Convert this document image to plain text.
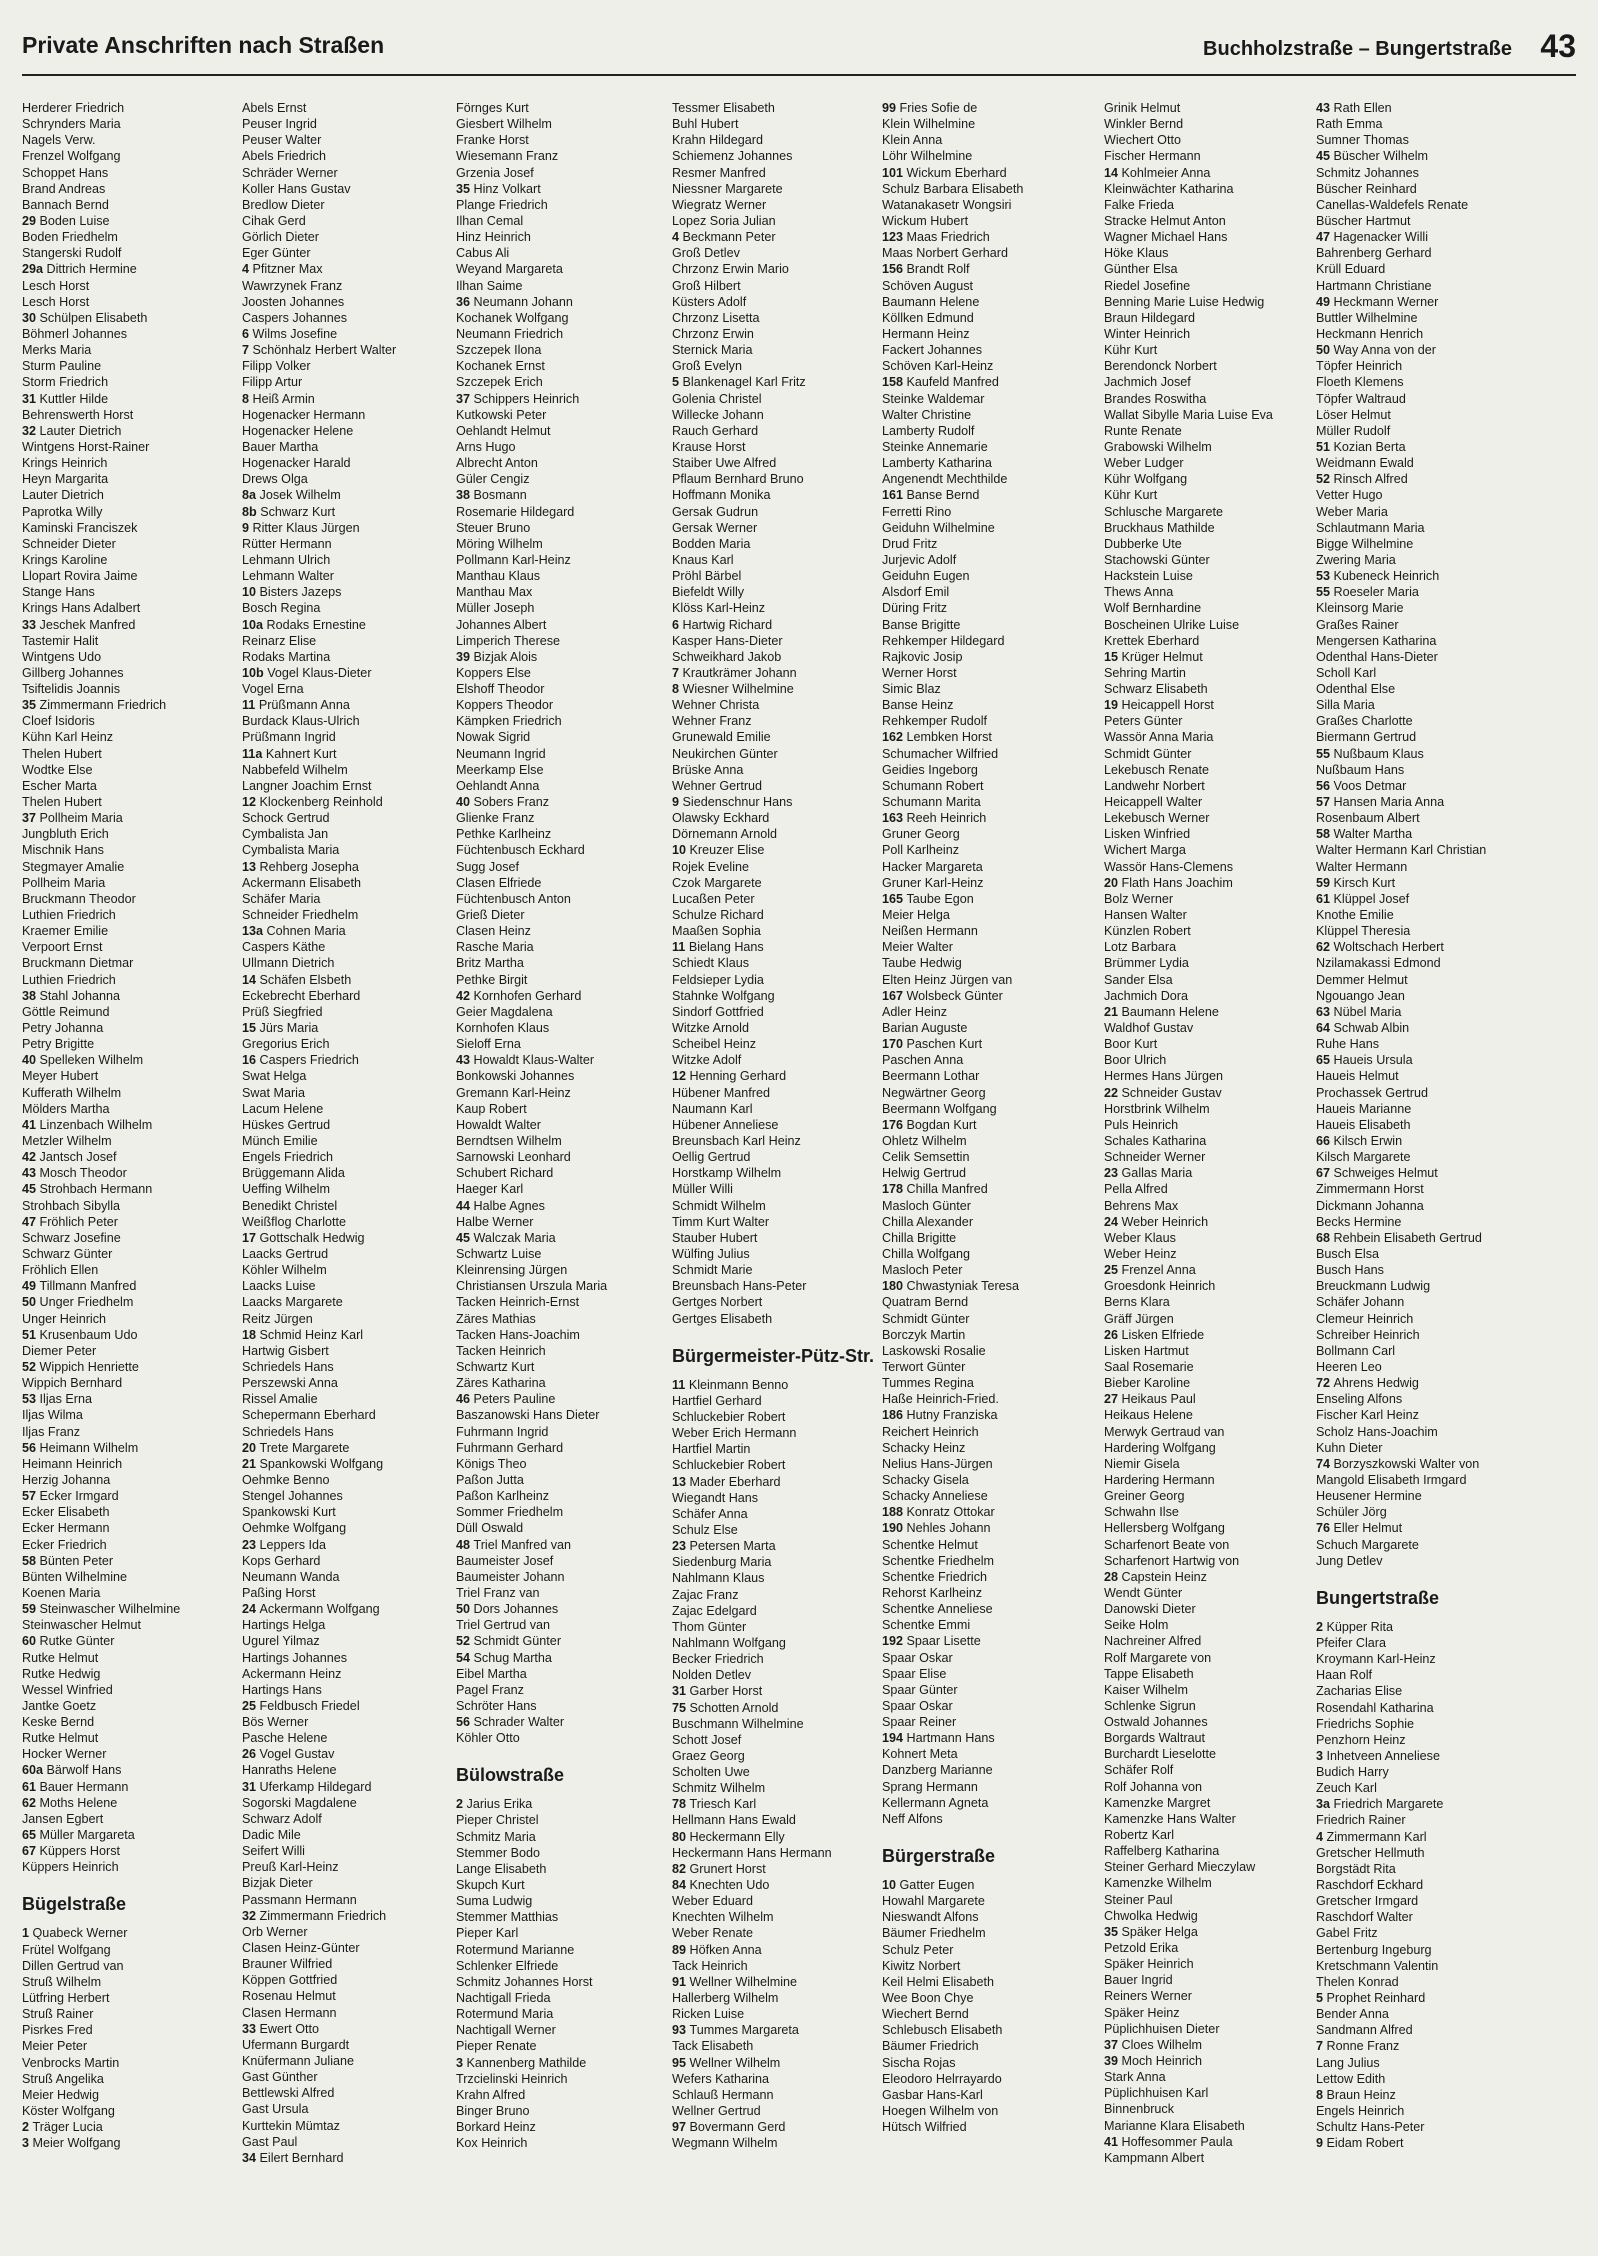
Private Anschriften nach Straßen	Buchholzstraße – Bungertstraße 43
Herderer Friedrich
Schrynders Maria
Nagels Verw.
Frenzel Wolfgang
Schoppet Hans
Brand Andreas
Bannach Bernd
29 Boden Luise
Boden Friedhelm
Stangerski Rudolf
29a Dittrich Hermine
Lesch Horst
Lesch Horst
30 Schülpen Elisabeth
Böhmerl Johannes
Merks Maria
Sturm Pauline
Storm Friedrich
31 Kuttler Hilde
Behrenswerth Horst
32 Lauter Dietrich
Wintgens Horst-Rainer
Krings Heinrich
Heyn Margarita
Lauter Dietrich
Paprotka Willy
Kaminski Franciszek
Schneider Dieter
Krings Karoline
Llopart Rovira Jaime
Stange Hans
Krings Hans Adalbert
33 Jeschek Manfred
Tastemir Halit
Wintgens Udo
Gillberg Johannes
Tsiftelidis Joannis
35 Zimmermann Friedrich
Cloef Isidoris
Kühn Karl Heinz
Thelen Hubert
Wodtke Else
Escher Marta
Thelen Hubert
37 Pollheim Maria
Jungbluth Erich
Mischnik Hans
Stegmayer Amalie
Pollheim Maria
Bruckmann Theodor
Luthien Friedrich
Kraemer Emilie
Verpoort Ernst
Bruckmann Dietmar
Luthien Friedrich
38 Stahl Johanna
Göttle Reimund
Petry Johanna
Petry Brigitte
40 Spelleken Wilhelm
Meyer Hubert
Kufferath Wilhelm
Mölders Martha
41 Linzenbach Wilhelm
Metzler Wilhelm
42 Jantsch Josef
43 Mosch Theodor
45 Strohbach Hermann
Strohbach Sibylla
47 Fröhlich Peter
Schwarz Josefine
Schwarz Günter
Fröhlich Ellen
49 Tillmann Manfred
50 Unger Friedhelm
Unger Heinrich
51 Krusenbaum Udo
Diemer Peter
52 Wippich Henriette
Wippich Bernhard
53 Iljas Erna
Iljas Wilma
Iljas Franz
56 Heimann Wilhelm
Heimann Heinrich
Herzig Johanna
57 Ecker Irmgard
Ecker Elisabeth
Ecker Hermann
Ecker Friedrich
58 Bünten Peter
Bünten Wilhelmine
Koenen Maria
59 Steinwascher Wilhelmine
Steinwascher Helmut
60 Rutke Günter
Rutke Helmut
Rutke Hedwig
Wessel Winfried
Jantke Goetz
Keske Bernd
Rutke Helmut
Hocker Werner
60a Bärwolf Hans
61 Bauer Hermann
62 Moths Helene
Jansen Egbert
65 Müller Margareta
67 Küppers Horst
Küppers Heinrich
Bügelstraße
1 Quabeck Werner
Frütel Wolfgang
Dillen Gertrud van
Struß Wilhelm
Lütfring Herbert
Struß Rainer
Pisrkes Fred
Meier Peter
Venbrocks Martin
Struß Angelika
Meier Hedwig
Köster Wolfgang
2 Träger Lucia
3 Meier Wolfgang
Abels Ernst
Peuser Ingrid
Peuser Walter
Abels Friedrich
Schräder Werner
Koller Hans Gustav
Bredlow Dieter
Cihak Gerd
Görlich Dieter
Eger Günter
4 Pfitzner Max
Wawrzynek Franz
Joosten Johannes
Caspers Johannes
6 Wilms Josefine
7 Schönhalz Herbert Walter
Filipp Volker
Filipp Artur
8 Heiß Armin
Hogenacker Hermann
Hogenacker Helene
Bauer Martha
Hogenacker Harald
Drews Olga
8a Josek Wilhelm
8b Schwarz Kurt
9 Ritter Klaus Jürgen
Rütter Hermann
Lehmann Ulrich
Lehmann Walter
10 Bisters Jazeps
Bosch Regina
10a Rodaks Ernestine
Reinarz Elise
Rodaks Martina
10b Vogel Klaus-Dieter
Vogel Erna
11 Prüßmann Anna
Burdack Klaus-Ulrich
Prüßmann Ingrid
11a Kahnert Kurt
Nabbefeld Wilhelm
Langner Joachim Ernst
12 Klockenberg Reinhold
Schock Gertrud
Cymbalista Jan
Cymbalista Maria
13 Rehberg Josepha
Ackermann Elisabeth
Schäfer Maria
Schneider Friedhelm
13a Cohnen Maria
Caspers Käthe
Ullmann Dietrich
14 Schäfen Elsbeth
Eckebrecht Eberhard
Prüß Siegfried
15 Jürs Maria
Gregorius Erich
16 Caspers Friedrich
Swat Helga
Swat Maria
Lacum Helene
Hüskes Gertrud
Münch Emilie
Engels Friedrich
Brüggemann Alida
Ueffing Wilhelm
Benedikt Christel
Weißflog Charlotte
17 Gottschalk Hedwig
Laacks Gertrud
Köhler Wilhelm
Laacks Luise
Laacks Margarete
Reitz Jürgen
18 Schmid Heinz Karl
Hartwig Gisbert
Schriedels Hans
Perszewski Anna
Rissel Amalie
Schepermann Eberhard
Schriedels Hans
20 Trete Margarete
21 Spankowski Wolfgang
Oehmke Benno
Stengel Johannes
Spankowski Kurt
Oehmke Wolfgang
23 Leppers Ida
Kops Gerhard
Neumann Wanda
Paßing Horst
24 Ackermann Wolfgang
Hartings Helga
Ugurel Yilmaz
Hartings Johannes
Ackermann Heinz
Hartings Hans
25 Feldbusch Friedel
Bös Werner
Pasche Helene
26 Vogel Gustav
Hanraths Helene
31 Uferkamp Hildegard
Sogorski Magdalene
Schwarz Adolf
Dadic Mile
Seifert Willi
Preuß Karl-Heinz
Bizjak Dieter
Passmann Hermann
32 Zimmermann Friedrich
Orb Werner
Clasen Heinz-Günter
Brauner Wilfried
Köppen Gottfried
Rosenau Helmut
Clasen Hermann
33 Ewert Otto
Ufermann Burgardt
Knüfermann Juliane
Gast Günther
Bettlewski Alfred
Gast Ursula
Kurttekin Mümtaz
Gast Paul
34 Eilert Bernhard
Förnges Kurt
Giesbert Wilhelm
Franke Horst
Wiesemann Franz
Grzenia Josef
35 Hinz Volkart
Plange Friedrich
Ilhan Cemal
Hinz Heinrich
Cabus Ali
Weyand Margareta
Ilhan Saime
36 Neumann Johann
Kochanek Wolfgang
Neumann Friedrich
Szczepek Ilona
Kochanek Ernst
Szczepek Erich
37 Schippers Heinrich
Kutkowski Peter
Oehlandt Helmut
Arns Hugo
Albrecht Anton
Güler Cengiz
38 Bosmann
Rosemarie Hildegard
Steuer Bruno
Möring Wilhelm
Pollmann Karl-Heinz
Manthau Klaus
Manthau Max
Müller Joseph
Johannes Albert
Limperich Therese
39 Bizjak Alois
Koppers Else
Elshoff Theodor
Koppers Theodor
Kämpken Friedrich
Nowak Sigrid
Neumann Ingrid
Meerkamp Else
Oehlandt Anna
40 Sobers Franz
Glienke Franz
Pethke Karlheinz
Füchtenbusch Eckhard
Sugg Josef
Clasen Elfriede
Füchtenbusch Anton
Grieß Dieter
Clasen Heinz
Rasche Maria
Britz Martha
Pethke Birgit
42 Kornhofen Gerhard
Geier Magdalena
Kornhofen Klaus
Sieloff Erna
43 Howaldt Klaus-Walter
Bonkowski Johannes
Gremann Karl-Heinz
Kaup Robert
Howaldt Walter
Berndtsen Wilhelm
Sarnowski Leonhard
Schubert Richard
Haeger Karl
44 Halbe Agnes
Halbe Werner
45 Walczak Maria
Schwartz Luise
Kleinrensing Jürgen
Christiansen Urszula Maria
Tacken Heinrich-Ernst
Zäres Mathias
Tacken Hans-Joachim
Tacken Heinrich
Schwartz Kurt
Zäres Katharina
46 Peters Pauline
Baszanowski Hans Dieter
Fuhrmann Ingrid
Fuhrmann Gerhard
Königs Theo
Paßon Jutta
Paßon Karlheinz
Sommer Friedhelm
Düll Oswald
48 Triel Manfred van
Baumeister Josef
Baumeister Johann
Triel Franz van
50 Dors Johannes
Triel Gertrud van
52 Schmidt Günter
54 Schug Martha
Eibel Martha
Pagel Franz
Schröter Hans
56 Schrader Walter
Köhler Otto
Bülowstraße
2 Jarius Erika
Pieper Christel
Schmitz Maria
Stemmer Bodo
Lange Elisabeth
Skupch Kurt
Suma Ludwig
Stemmer Matthias
Pieper Karl
Rotermund Marianne
Schlenker Elfriede
Schmitz Johannes Horst
Nachtigall Frieda
Rotermund Maria
Nachtigall Werner
Pieper Renate
3 Kannenberg Mathilde
Trzcielinski Heinrich
Krahn Alfred
Binger Bruno
Borkard Heinz
Kox Heinrich
Tessmer Elisabeth
Buhl Hubert
Krahn Hildegard
Schiemenz Johannes
Resmer Manfred
Niessner Margarete
Wiegratz Werner
Lopez Soria Julian
4 Beckmann Peter
Groß Detlev
Chrzonz Erwin Mario
Groß Hilbert
Küsters Adolf
Chrzonz Lisetta
Chrzonz Erwin
Sternick Maria
Groß Evelyn
5 Blankenagel Karl Fritz
Golenia Christel
Willecke Johann
Rauch Gerhard
Krause Horst
Staiber Uwe Alfred
Pflaum Bernhard Bruno
Hoffmann Monika
Gersak Gudrun
Gersak Werner
Bodden Maria
Knaus Karl
Pröhl Bärbel
Biefeldt Willy
Klöss Karl-Heinz
6 Hartwig Richard
Kasper Hans-Dieter
Schweikhard Jakob
7 Krautkrämer Johann
8 Wiesner Wilhelmine
Wehner Christa
Wehner Franz
Grunewald Emilie
Neukirchen Günter
Brüske Anna
Wehner Gertrud
9 Siedenschnur Hans
Olawsky Eckhard
Dörnemann Arnold
10 Kreuzer Elise
Rojek Eveline
Czok Margarete
Lucaßen Peter
Schulze Richard
Maaßen Sophia
11 Bielang Hans
Schiedt Klaus
Feldsieper Lydia
Stahnke Wolfgang
Sindorf Gottfried
Witzke Arnold
Scheibel Heinz
Witzke Adolf
12 Henning Gerhard
Hübener Manfred
Naumann Karl
Hübener Anneliese
Breunsbach Karl Heinz
Oellig Gertrud
Horstkamp Wilhelm
Müller Willi
Schmidt Wilhelm
Timm Kurt Walter
Stauber Hubert
Wülfing Julius
Schmidt Marie
Breunsbach Hans-Peter
Gertges Norbert
Gertges Elisabeth
Bürgermeister-Pütz-Str.
11 Kleinmann Benno
Hartfiel Gerhard
Schluckebier Robert
Weber Erich Hermann
Hartfiel Martin
Schluckebier Robert
13 Mader Eberhard
Wiegandt Hans
Schäfer Anna
Schulz Else
23 Petersen Marta
Siedenburg Maria
Nahlmann Klaus
Zajac Franz
Zajac Edelgard
Thom Günter
Nahlmann Wolfgang
Becker Friedrich
Nolden Detlev
31 Garber Horst
75 Schotten Arnold
Buschmann Wilhelmine
Schott Josef
Graez Georg
Scholten Uwe
Schmitz Wilhelm
78 Triesch Karl
Hellmann Hans Ewald
80 Heckermann Elly
Heckermann Hans Hermann
82 Grunert Horst
84 Knechten Udo
Weber Eduard
Knechten Wilhelm
Weber Renate
89 Höfken Anna
Tack Heinrich
91 Wellner Wilhelmine
Hallerberg Wilhelm
Ricken Luise
93 Tummes Margareta
Tack Elisabeth
95 Wellner Wilhelm
Wefers Katharina
Schlauß Hermann
Wellner Gertrud
97 Bovermann Gerd
Wegmann Wilhelm
99 Fries Sofie de
Klein Wilhelmine
Klein Anna
Löhr Wilhelmine
101 Wickum Eberhard
Schulz Barbara Elisabeth
Watanakasetr Wongsiri
Wickum Hubert
123 Maas Friedrich
Maas Norbert Gerhard
156 Brandt Rolf
Schöven August
Baumann Helene
Köllken Edmund
Hermann Heinz
Fackert Johannes
Schöven Karl-Heinz
158 Kaufeld Manfred
Steinke Waldemar
Walter Christine
Lamberty Rudolf
Steinke Annemarie
Lamberty Katharina
Angenendt Mechthilde
161 Banse Bernd
Ferretti Rino
Geiduhn Wilhelmine
Drud Fritz
Jurjevic Adolf
Geiduhn Eugen
Alsdorf Emil
Düring Fritz
Banse Brigitte
Rehkemper Hildegard
Rajkovic Josip
Werner Horst
Simic Blaz
Banse Heinz
Rehkemper Rudolf
162 Lembken Horst
Schumacher Wilfried
Geidies Ingeborg
Schumann Robert
Schumann Marita
163 Reeh Heinrich
Gruner Georg
Poll Karlheinz
Hacker Margareta
Gruner Karl-Heinz
165 Taube Egon
Meier Helga
Neißen Hermann
Meier Walter
Taube Hedwig
Elten Heinz Jürgen van
167 Wolsbeck Günter
Adler Heinz
Barian Auguste
170 Paschen Kurt
Paschen Anna
Beermann Lothar
Negwärtner Georg
Beermann Wolfgang
176 Bogdan Kurt
Ohletz Wilhelm
Celik Semsettin
Helwig Gertrud
178 Chilla Manfred
Masloch Günter
Chilla Alexander
Chilla Brigitte
Chilla Wolfgang
Masloch Peter
180 Chwastyniak Teresa
Quatram Bernd
Schmidt Günter
Borczyk Martin
Laskowski Rosalie
Terwort Günter
Tummes Regina
Haße Heinrich-Fried.
186 Hutny Franziska
Reichert Heinrich
Schacky Heinz
Nelius Hans-Jürgen
Schacky Gisela
Schacky Anneliese
188 Konratz Ottokar
190 Nehles Johann
Schentke Helmut
Schentke Friedhelm
Schentke Friedrich
Rehorst Karlheinz
Schentke Anneliese
Schentke Emmi
192 Spaar Lisette
Spaar Oskar
Spaar Elise
Spaar Günter
Spaar Oskar
Spaar Reiner
194 Hartmann Hans
Kohnert Meta
Danzberg Marianne
Sprang Hermann
Kellermann Agneta
Neff Alfons
Bürgerstraße
10 Gatter Eugen
Howahl Margarete
Nieswandt Alfons
Bäumer Friedhelm
Schulz Peter
Kiwitz Norbert
Keil Helmi Elisabeth
Wee Boon Chye
Wiechert Bernd
Schlebusch Elisabeth
Bäumer Friedrich
Sischa Rojas
Eleodoro Helrrayardo
Gasbar Hans-Karl
Hoegen Wilhelm von
Hütsch Wilfried
Grinik Helmut
Winkler Bernd
Wiechert Otto
Fischer Hermann
14 Kohlmeier Anna
Kleinwächter Katharina
Falke Frieda
Stracke Helmut Anton
Wagner Michael Hans
Höke Klaus
Günther Elsa
Riedel Josefine
Benning Marie Luise Hedwig
Braun Hildegard
Winter Heinrich
Kühr Kurt
Berendonck Norbert
Jachmich Josef
Brandes Roswitha
Wallat Sibylle Maria Luise Eva
Runte Renate
Grabowski Wilhelm
Weber Ludger
Kühr Wolfgang
Kühr Kurt
Schlusche Margarete
Bruckhaus Mathilde
Dubberke Ute
Stachowski Günter
Hackstein Luise
Thews Anna
Wolf Bernhardine
Boscheinen Ulrike Luise
Krettek Eberhard
15 Krüger Helmut
Sehring Martin
Schwarz Elisabeth
19 Heicappell Horst
Peters Günter
Wassör Anna Maria
Schmidt Günter
Lekebusch Renate
Landwehr Norbert
Heicappell Walter
Lekebusch Werner
Lisken Winfried
Wichert Marga
Wassör Hans-Clemens
20 Flath Hans Joachim
Bolz Werner
Hansen Walter
Künzlen Robert
Lotz Barbara
Brümmer Lydia
Sander Elsa
Jachmich Dora
21 Baumann Helene
Waldhof Gustav
Boor Kurt
Boor Ulrich
Hermes Hans Jürgen
22 Schneider Gustav
Horstbrink Wilhelm
Puls Heinrich
Schales Katharina
Schneider Werner
23 Gallas Maria
Pella Alfred
Behrens Max
24 Weber Heinrich
Weber Klaus
Weber Heinz
25 Frenzel Anna
Groesdonk Heinrich
Berns Klara
Gräff Jürgen
26 Lisken Elfriede
Lisken Hartmut
Saal Rosemarie
Bieber Karoline
27 Heikaus Paul
Heikaus Helene
Merwyk Gertraud van
Hardering Wolfgang
Niemir Gisela
Hardering Hermann
Greiner Georg
Schwahn Ilse
Hellersberg Wolfgang
Scharfenort Beate von
Scharfenort Hartwig von
28 Capstein Heinz
Wendt Günter
Danowski Dieter
Seike Holm
Nachreiner Alfred
Rolf Margarete von
Tappe Elisabeth
Kaiser Wilhelm
Schlenke Sigrun
Ostwald Johannes
Borgards Waltraut
Burchardt Lieselotte
Schäfer Rolf
Rolf Johanna von
Kamenzke Margret
Kamenzke Hans Walter
Robertz Karl
Raffelberg Katharina
Steiner Gerhard Mieczylaw
Kamenzke Wilhelm
Steiner Paul
Chwolka Hedwig
35 Späker Helga
Petzold Erika
Späker Heinrich
Bauer Ingrid
Reiners Werner
Späker Heinz
Püplichhuisen Dieter
37 Cloes Wilhelm
39 Moch Heinrich
Stark Anna
Püplichhuisen Karl
Binnenbruck
Marianne Klara Elisabeth
41 Hoffesommer Paula
Kampmann Albert
43 Rath Ellen
Rath Emma
Sumner Thomas
45 Büscher Wilhelm
Schmitz Johannes
Büscher Reinhard
Canellas-Waldefels Renate
Büscher Hartmut
47 Hagenacker Willi
Bahrenberg Gerhard
Krüll Eduard
Hartmann Christiane
49 Heckmann Werner
Buttler Wilhelmine
Heckmann Henrich
50 Way Anna von der
Töpfer Heinrich
Floeth Klemens
Töpfer Waltraud
Löser Helmut
Müller Rudolf
51 Kozian Berta
Weidmann Ewald
52 Rinsch Alfred
Vetter Hugo
Weber Maria
Schlautmann Maria
Bigge Wilhelmine
Zwering Maria
53 Kubeneck Heinrich
55 Roeseler Maria
Kleinsorg Marie
Graßes Rainer
Mengersen Katharina
Odenthal Hans-Dieter
Scholl Karl
Odenthal Else
Silla Maria
Graßes Charlotte
Biermann Gertrud
55 Nußbaum Klaus
Nußbaum Hans
56 Voos Detmar
57 Hansen Maria Anna
Rosenbaum Albert
58 Walter Martha
Walter Hermann Karl Christian
Walter Hermann
59 Kirsch Kurt
61 Klüppel Josef
Knothe Emilie
Klüppel Theresia
62 Woltschach Herbert
Nzilamakassi Edmond
Demmer Helmut
Ngouango Jean
63 Nübel Maria
64 Schwab Albin
Ruhe Hans
65 Haueis Ursula
Haueis Helmut
Prochassek Gertrud
Haueis Marianne
Haueis Elisabeth
66 Kilsch Erwin
Kilsch Margarete
67 Schweiges Helmut
Zimmermann Horst
Dickmann Johanna
Becks Hermine
68 Rehbein Elisabeth Gertrud
Busch Elsa
Busch Hans
Breuckmann Ludwig
Schäfer Johann
Clemeur Heinrich
Schreiber Heinrich
Bollmann Carl
Heeren Leo
72 Ahrens Hedwig
Enseling Alfons
Fischer Karl Heinz
Scholz Hans-Joachim
Kuhn Dieter
74 Borzyszkowski Walter von
Mangold Elisabeth Irmgard
Heusener Hermine
Schüler Jörg
76 Eller Helmut
Schuch Margarete
Jung Detlev
Bungertstraße
2 Küpper Rita
Pfeifer Clara
Kroymann Karl-Heinz
Haan Rolf
Zacharias Elise
Rosendahl Katharina
Friedrichs Sophie
Penzhorn Heinz
3 Inhetveen Anneliese
Budich Harry
Zeuch Karl
3a Friedrich Margarete
Friedrich Rainer
4 Zimmermann Karl
Gretscher Hellmuth
Borgstädt Rita
Raschdorf Eckhard
Gretscher Irmgard
Raschdorf Walter
Gabel Fritz
Bertenburg Ingeburg
Kretschmann Valentin
Thelen Konrad
5 Prophet Reinhard
Bender Anna
Sandmann Alfred
7 Ronne Franz
Lang Julius
Lettow Edith
8 Braun Heinz
Engels Heinrich
Schultz Hans-Peter
9 Eidam Robert
